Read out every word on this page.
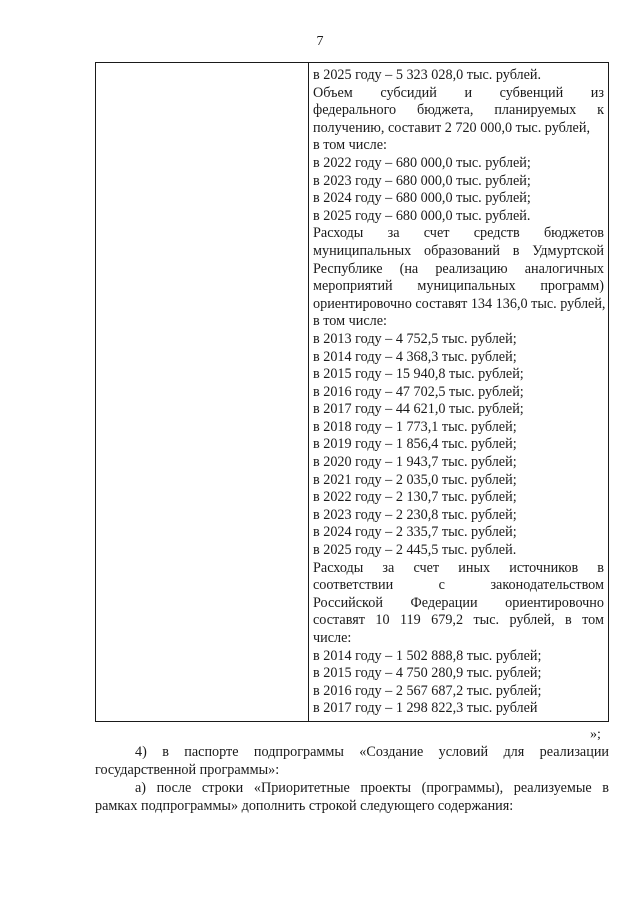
7
в 2025 году – 5 323 028,0 тыс. рублей.
Объем субсидий и субвенций из
федерального бюджета, планируемых к
получению, составит 2 720 000,0 тыс. рублей,
в том числе:
в 2022 году – 680 000,0 тыс. рублей;
в 2023 году – 680 000,0 тыс. рублей;
в 2024 году – 680 000,0 тыс. рублей;
в 2025 году – 680 000,0 тыс. рублей.
Расходы за счет средств бюджетов
муниципальных образований в Удмуртской
Республике (на реализацию аналогичных
мероприятий муниципальных программ)
ориентировочно составят 134 136,0 тыс. рублей,
в том числе:
в 2013 году – 4 752,5 тыс. рублей;
в 2014 году – 4 368,3 тыс. рублей;
в 2015 году – 15 940,8 тыс. рублей;
в 2016 году – 47 702,5 тыс. рублей;
в 2017 году – 44 621,0 тыс. рублей;
в 2018 году – 1 773,1 тыс. рублей;
в 2019 году – 1 856,4 тыс. рублей;
в 2020 году – 1 943,7 тыс. рублей;
в 2021 году – 2 035,0 тыс. рублей;
в 2022 году – 2 130,7 тыс. рублей;
в 2023 году – 2 230,8 тыс. рублей;
в 2024 году – 2 335,7 тыс. рублей;
в 2025 году – 2 445,5 тыс. рублей.
Расходы за счет иных источников в
соответствии с законодательством
Российской Федерации ориентировочно
составят 10 119 679,2 тыс. рублей, в том
числе:
в 2014 году – 1 502 888,8 тыс. рублей;
в 2015 году – 4 750 280,9 тыс. рублей;
в 2016 году – 2 567 687,2 тыс. рублей;
в 2017 году – 1 298 822,3 тыс. рублей
»;
4) в паспорте подпрограммы «Создание условий для реализации
государственной программы»:
а) после строки «Приоритетные проекты (программы), реализуемые в
рамках подпрограммы» дополнить строкой следующего содержания:
